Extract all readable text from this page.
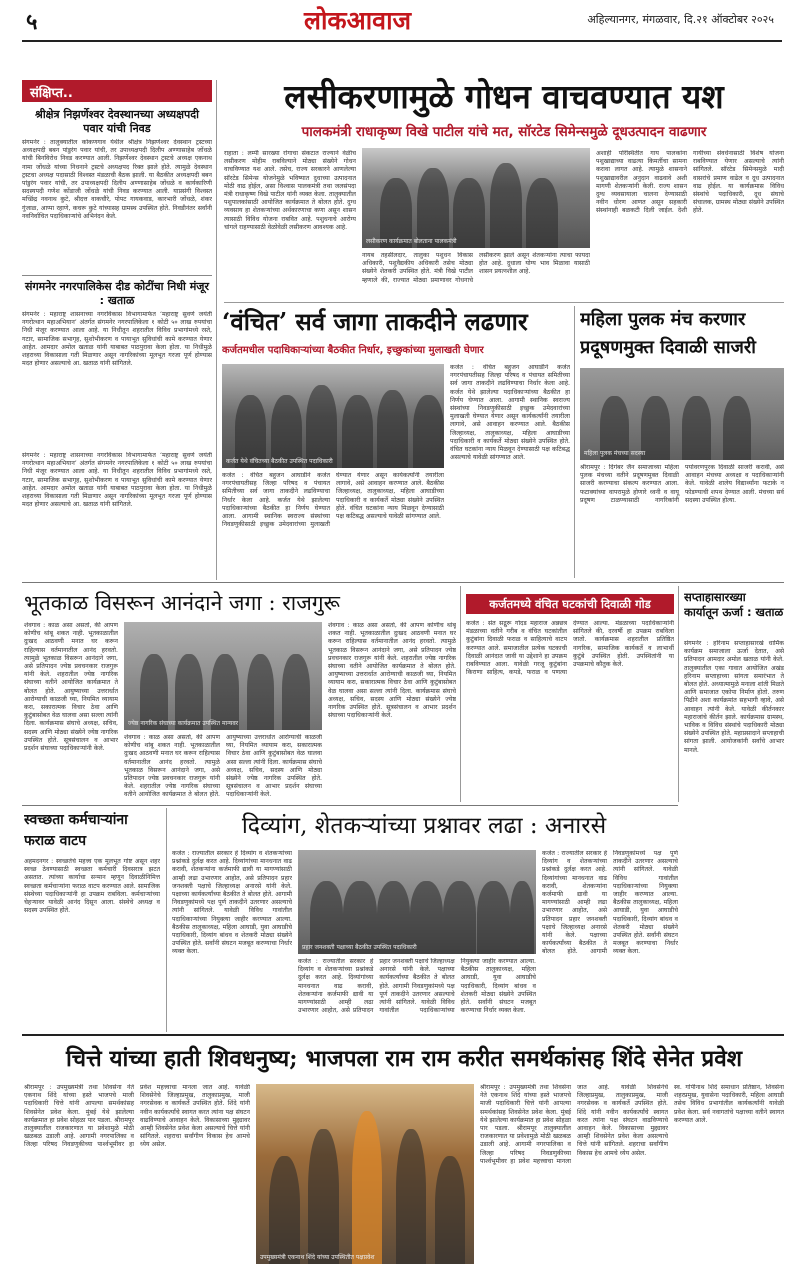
५	लोकआवाज	अहिल्यानगर, मंगळवार, दि.२१ ऑक्टोबर २०२५
संक्षिप्त..
श्रीक्षेत्र निझर्णेश्वर देवस्थानच्या अध्यक्षपदी पवार यांची निवड
संगमनेर : तालुक्यातील कोकणगाव येथील श्रीक्षेत्र निझर्णेश्वर देवस्थान ट्रस्टच्या अध्यक्षपदी बबन पांडुरंग पवार यांची, तर उपाध्यक्षपदी दिलीप अण्णासाहेब जोंधळे यांची बिनविरोध निवड करण्यात आली. निझर्णेश्वर देवस्थान ट्रस्टचे अध्यक्ष एकनाथ नामा जोंधळे यांच्या निधनाने ट्रस्टचे अध्यक्षपद रिक्त झाले होते. त्यामुळे देवस्थान ट्रस्टचा अध्यक्ष पदासाठी विश्वस्त मंडळाची बैठक झाली. या बैठकीत अध्यक्षपदी बबन पांडुरंग पवार यांची, तर उपाध्यक्षपदी दिलीप अण्णासाहेब जोंधळे व कार्यकारिणी सदस्यपदी गणेश कोंडाजी जोंधळे यांची निवड करण्यात आली. याप्रसंगी विश्वस्त मच्छिंद्र नवनाथ कुटे, श्रीदत्त वाकचौरे, पोपट गायकवाड, कारभारी जोंधळे, शंकर गुंजाळ, आप्पा रहाणे, कचरू कुटे यांच्यासह ग्रामस्थ उपस्थित होते. निवडीनंतर सर्वांनी नवनिर्वाचित पदाधिकाऱ्यांचे अभिनंदन केले.
संगमनेर नगरपालिकेस दीड कोटींचा निधी मंजूर : खताळ
संगमनेर : महाराष्ट्र शासनाच्या नगरविकास विभागामार्फत ‘महाराष्ट्र सुवर्ण जयंती नगरोत्थान महाअभियान’ अंतर्गत संगमनेर नगरपालिकेला १ कोटी ५० लाख रुपयांचा निधी मंजूर करण्यात आला आहे. या निधीतून शहरातील विविध प्रभागांमध्ये रस्ते, गटार, सामाजिक सभागृह, सुशोभीकरण व पायाभूत सुविधांची कामे करण्यात येणार आहेत. आमदार अमोल खताळ यांनी याबाबत पाठपुरावा केला होता. या निधीमुळे शहराच्या विकासाला गती मिळणार असून नागरिकांच्या मूलभूत गरजा पूर्ण होण्यास मदत होणार असल्याचे आ. खताळ यांनी सांगितले.
संगमनेर : महाराष्ट्र शासनाच्या नगरविकास विभागामार्फत ‘महाराष्ट्र सुवर्ण जयंती नगरोत्थान महाअभियान’ अंतर्गत संगमनेर नगरपालिकेला १ कोटी ५० लाख रुपयांचा निधी मंजूर करण्यात आला आहे. या निधीतून शहरातील विविध प्रभागांमध्ये रस्ते, गटार, सामाजिक सभागृह, सुशोभीकरण व पायाभूत सुविधांची कामे करण्यात येणार आहेत. आमदार अमोल खताळ यांनी याबाबत पाठपुरावा केला होता. या निधीमुळे शहराच्या विकासाला गती मिळणार असून नागरिकांच्या मूलभूत गरजा पूर्ण होण्यास मदत होणार असल्याचे आ. खताळ यांनी सांगितले.
लसीकरणामुळे गोधन वाचवण्यात यश
पालकमंत्री राधाकृष्ण विखे पाटील यांचे मत, सॉरटेड सिमेन्समुळे दूधउत्पादन वाढणार
राहाता : लम्पी सारख्या रोगाचा संकटात राज्याने वेळीच लसीकरण मोहीम राबविल्याने मोठ्या संख्येने गोधन वाचविण्यात यश आले. तसेच, राज्य सरकारने आणलेल्या सॉरटेड सिमेन्स योजनेमुळे भविष्यात दुधाच्या उत्पादनात मोठी वाढ होईल, असा विश्वास पालकमंत्री तथा जलसंपदा मंत्री राधाकृष्ण विखे पाटील यांनी व्यक्त केला. तालुक्यातील पशुपालकांसाठी आयोजित कार्यक्रमात ते बोलत होते. दुग्ध व्यवसाय हा शेतकऱ्यांच्या अर्थकारणाचा कणा असून शासन त्यासाठी विविध योजना राबवित आहे. पशुधनाचे आरोग्य चांगले राहण्यासाठी वेळोवेळी लसीकरण आवश्यक आहे.
लसीकरण कार्यक्रमात बोलताना पालकमंत्री
नायब तहसीलदार, तालुका पशुधन विकास अधिकारी, पशुवैद्यकीय अधिकारी तसेच मोठ्या संख्येने शेतकरी उपस्थित होते. मंत्री विखे पाटील म्हणाले की, राज्यात मोठ्या प्रमाणावर गोधनाचे लसीकरण झाले असून शेतकऱ्यांना त्याचा फायदा होत आहे. दुधाला योग्य भाव मिळावा यासाठी शासन प्रयत्नशील आहे.
अशाही परिस्थितीत गाय पालकांना पशुखाद्याच्या वाढत्या किमतींचा सामना करावा लागत आहे. त्यामुळे शासनाने पशुखाद्यावरील अनुदान वाढवावे अशी मागणी शेतकऱ्यांनी केली. राज्य शासन दुग्ध व्यवसायाला चालना देण्यासाठी नवीन धोरण आणत असून सहकारी संस्थांनाही बळकटी दिली जाईल. देशी गायींच्या संवर्धनासाठी विशेष योजना राबविण्यात येणार असल्याचे त्यांनी सांगितले. सॉरटेड सिमेन्समुळे मादी वासरांचे प्रमाण वाढेल व दूध उत्पादनात वाढ होईल. या कार्यक्रमास विविध संस्थांचे पदाधिकारी, दूध संघाचे संचालक, ग्रामस्थ मोठ्या संख्येने उपस्थित होते.
‘वंचित’ सर्व जागा ताकदीने लढणार
कर्जतमधील पदाधिकाऱ्यांच्या बैठकीत निर्धार, इच्छुकांच्या मुलाखती घेणार
कर्जत येथे वंचितच्या बैठकीत उपस्थित पदाधिकारी
कर्जत : वंचित बहुजन आघाडीने कर्जत नगरपंचायतीसह जिल्हा परिषद व पंचायत समितीच्या सर्व जागा ताकदीने लढविण्याचा निर्धार केला आहे. कर्जत येथे झालेल्या पदाधिकाऱ्यांच्या बैठकीत हा निर्णय घेण्यात आला. आगामी स्थानिक स्वराज्य संस्थांच्या निवडणुकीसाठी इच्छुक उमेदवारांच्या मुलाखती घेण्यात येणार असून कार्यकर्त्यांनी तयारीला लागावे, असे आवाहन करण्यात आले. बैठकीस जिल्हाध्यक्ष, तालुकाध्यक्ष, महिला आघाडीच्या पदाधिकारी व कार्यकर्ते मोठ्या संख्येने उपस्थित होते. वंचित घटकांना न्याय मिळवून देण्यासाठी पक्ष कटिबद्ध असल्याचे यावेळी सांगण्यात आले.
कर्जत : वंचित बहुजन आघाडीने कर्जत नगरपंचायतीसह जिल्हा परिषद व पंचायत समितीच्या सर्व जागा ताकदीने लढविण्याचा निर्धार केला आहे. कर्जत येथे झालेल्या पदाधिकाऱ्यांच्या बैठकीत हा निर्णय घेण्यात आला. आगामी स्थानिक स्वराज्य संस्थांच्या निवडणुकीसाठी इच्छुक उमेदवारांच्या मुलाखती घेण्यात येणार असून कार्यकर्त्यांनी तयारीला लागावे, असे आवाहन करण्यात आले. बैठकीस जिल्हाध्यक्ष, तालुकाध्यक्ष, महिला आघाडीच्या पदाधिकारी व कार्यकर्ते मोठ्या संख्येने उपस्थित होते. वंचित घटकांना न्याय मिळवून देण्यासाठी पक्ष कटिबद्ध असल्याचे यावेळी सांगण्यात आले.
महिला पुलक मंच करणार प्रदूषणमुक्त दिवाळी साजरी
महिला पुलक मंचच्या सदस्या
श्रीरामपूर : दिगंबर जैन समाजाच्या महिला पुलक मंचच्या वतीने प्रदूषणमुक्त दिवाळी साजरी करण्याचा संकल्प करण्यात आला. फटाक्यांच्या वापरामुळे होणारे ध्वनी व वायू प्रदूषण टाळण्यासाठी नागरिकांनी पर्यावरणपूरक दिवाळी साजरी करावी, असे आवाहन मंचच्या अध्यक्षा व पदाधिकाऱ्यांनी केले. यावेळी शालेय विद्यार्थ्यांना फटाके न फोडण्याची शपथ देण्यात आली. मंचच्या सर्व सदस्या उपस्थित होत्या.
भूतकाळ विसरून आनंदाने जगा : राजगुरू
शेवगाव : काळ असा असतो, की आपण कोणीच थांबू शकत नाही. भूतकाळातील दुःखद आठवणी मनात घर करून राहिल्यास वर्तमानातील आनंद हरवतो. त्यामुळे भूतकाळ विसरून आनंदाने जगा, असे प्रतिपादन ज्येष्ठ प्रवचनकार राजगुरू यांनी केले. शहरातील ज्येष्ठ नागरिक संघाच्या वतीने आयोजित कार्यक्रमात ते बोलत होते. आयुष्याच्या उत्तरार्धात आरोग्याची काळजी घ्या, नियमित व्यायाम करा, सकारात्मक विचार ठेवा आणि कुटुंबासोबत वेळ घालवा असा सल्ला त्यांनी दिला. कार्यक्रमास संघाचे अध्यक्ष, सचिव, सदस्य आणि मोठ्या संख्येने ज्येष्ठ नागरिक उपस्थित होते. सूत्रसंचालन व आभार प्रदर्शन संघाच्या पदाधिकाऱ्यांनी केले.
ज्येष्ठ नागरिक संघाच्या कार्यक्रमात उपस्थित मान्यवर
शेवगाव : काळ असा असतो, की आपण कोणीच थांबू शकत नाही. भूतकाळातील दुःखद आठवणी मनात घर करून राहिल्यास वर्तमानातील आनंद हरवतो. त्यामुळे भूतकाळ विसरून आनंदाने जगा, असे प्रतिपादन ज्येष्ठ प्रवचनकार राजगुरू यांनी केले. शहरातील ज्येष्ठ नागरिक संघाच्या वतीने आयोजित कार्यक्रमात ते बोलत होते. आयुष्याच्या उत्तरार्धात आरोग्याची काळजी घ्या, नियमित व्यायाम करा, सकारात्मक विचार ठेवा आणि कुटुंबासोबत वेळ घालवा असा सल्ला त्यांनी दिला. कार्यक्रमास संघाचे अध्यक्ष, सचिव, सदस्य आणि मोठ्या संख्येने ज्येष्ठ नागरिक उपस्थित होते. सूत्रसंचालन व आभार प्रदर्शन संघाच्या पदाधिकाऱ्यांनी केले.
शेवगाव : काळ असा असतो, की आपण कोणीच थांबू शकत नाही. भूतकाळातील दुःखद आठवणी मनात घर करून राहिल्यास वर्तमानातील आनंद हरवतो. त्यामुळे भूतकाळ विसरून आनंदाने जगा, असे प्रतिपादन ज्येष्ठ प्रवचनकार राजगुरू यांनी केले. शहरातील ज्येष्ठ नागरिक संघाच्या वतीने आयोजित कार्यक्रमात ते बोलत होते. आयुष्याच्या उत्तरार्धात आरोग्याची काळजी घ्या, नियमित व्यायाम करा, सकारात्मक विचार ठेवा आणि कुटुंबासोबत वेळ घालवा असा सल्ला त्यांनी दिला. कार्यक्रमास संघाचे अध्यक्ष, सचिव, सदस्य आणि मोठ्या संख्येने ज्येष्ठ नागरिक उपस्थित होते. सूत्रसंचालन व आभार प्रदर्शन संघाच्या पदाधिकाऱ्यांनी केले.
कर्जतमध्ये वंचित घटकांची दिवाळी गोड
कर्जत : संत सद्गुरू गोदड महाराज अन्नछत्र मंडळाच्या वतीने गरीब व वंचित घटकांतील कुटुंबांना दिवाळी फराळ व साहित्याचे वाटप करण्यात आले. समाजातील प्रत्येक घटकाची दिवाळी आनंदात जावी या उद्देशाने हा उपक्रम राबविण्यात आला. यावेळी गरजू कुटुंबांना किराणा साहित्य, कपडे, फराळ व पणत्या देण्यात आल्या. मंडळाच्या पदाधिकाऱ्यांनी सांगितले की, दरवर्षी हा उपक्रम राबविला जातो. कार्यक्रमास शहरातील प्रतिष्ठित नागरिक, सामाजिक कार्यकर्ते व लाभार्थी कुटुंबे उपस्थित होती. उपस्थितांनी या उपक्रमाचे कौतुक केले.
सप्ताहासारख्या कार्यातून ऊर्जा : खताळ
संगमनेर : हरिनाम सप्ताहासारखे धार्मिक कार्यक्रम समाजाला ऊर्जा देतात, असे प्रतिपादन आमदार अमोल खताळ यांनी केले. तालुक्यातील एका गावात आयोजित अखंड हरिनाम सप्ताहाच्या सांगता समारंभात ते बोलत होते. अध्यात्मामुळे मनाला शांती मिळते आणि समाजात एकोपा निर्माण होतो. तरुण पिढीने अशा कार्यक्रमांत सहभागी व्हावे, असे आवाहन त्यांनी केले. यावेळी कीर्तनकार महाराजांचे कीर्तन झाले. कार्यक्रमास ग्रामस्थ, भाविक व विविध संस्थांचे पदाधिकारी मोठ्या संख्येने उपस्थित होते. महाप्रसादाने सप्ताहाची सांगता झाली. आयोजकांनी सर्वांचे आभार मानले.
स्वच्छता कर्मचाऱ्यांना फराळ वाटप
अहमदनगर : स्वच्छतेचे महत्त्व एक मूलभूत गोष्ट असून शहर स्वच्छ ठेवण्यासाठी स्वच्छता कर्मचारी दिवसरात्र झटत असतात. त्यांच्या कार्याचा सन्मान म्हणून दिवाळीनिमित्त स्वच्छता कर्मचाऱ्यांना फराळ वाटप करण्यात आले. सामाजिक संस्थेच्या पदाधिकाऱ्यांनी हा उपक्रम राबविला. कर्मचाऱ्यांच्या चेहऱ्यावर यावेळी आनंद दिसून आला. संस्थेचे अध्यक्ष व सदस्य उपस्थित होते.
दिव्यांग, शेतकऱ्यांच्या प्रश्नावर लढा : अनारसे
कर्जत : राज्यातील सरकार हे दिव्यांग व शेतकऱ्यांच्या प्रश्नांकडे दुर्लक्ष करत आहे. दिव्यांगांच्या मानधनात वाढ करावी, शेतकऱ्यांना कर्जमाफी द्यावी या मागण्यांसाठी आम्ही लढा उभारणार आहोत, असे प्रतिपादन प्रहार जनशक्ती पक्षाचे जिल्हाध्यक्ष अनारसे यांनी केले. पक्षाच्या कार्यकर्त्यांच्या बैठकीत ते बोलत होते. आगामी निवडणुकांमध्ये पक्ष पूर्ण ताकदीने उतरणार असल्याचे त्यांनी सांगितले. यावेळी विविध गावांतील पदाधिकाऱ्यांच्या नियुक्त्या जाहीर करण्यात आल्या. बैठकीस तालुकाध्यक्ष, महिला आघाडी, युवा आघाडीचे पदाधिकारी, दिव्यांग बांधव व शेतकरी मोठ्या संख्येने उपस्थित होते. सर्वांनी संघटन मजबूत करण्याचा निर्धार व्यक्त केला.
प्रहार जनशक्ती पक्षाच्या बैठकीत उपस्थित पदाधिकारी
कर्जत : राज्यातील सरकार हे दिव्यांग व शेतकऱ्यांच्या प्रश्नांकडे दुर्लक्ष करत आहे. दिव्यांगांच्या मानधनात वाढ करावी, शेतकऱ्यांना कर्जमाफी द्यावी या मागण्यांसाठी आम्ही लढा उभारणार आहोत, असे प्रतिपादन प्रहार जनशक्ती पक्षाचे जिल्हाध्यक्ष अनारसे यांनी केले. पक्षाच्या कार्यकर्त्यांच्या बैठकीत ते बोलत होते. आगामी निवडणुकांमध्ये पक्ष पूर्ण ताकदीने उतरणार असल्याचे त्यांनी सांगितले. यावेळी विविध गावांतील पदाधिकाऱ्यांच्या नियुक्त्या जाहीर करण्यात आल्या. बैठकीस तालुकाध्यक्ष, महिला आघाडी, युवा आघाडीचे पदाधिकारी, दिव्यांग बांधव व शेतकरी मोठ्या संख्येने उपस्थित होते. सर्वांनी संघटन मजबूत करण्याचा निर्धार व्यक्त केला.
कर्जत : राज्यातील सरकार हे दिव्यांग व शेतकऱ्यांच्या प्रश्नांकडे दुर्लक्ष करत आहे. दिव्यांगांच्या मानधनात वाढ करावी, शेतकऱ्यांना कर्जमाफी द्यावी या मागण्यांसाठी आम्ही लढा उभारणार आहोत, असे प्रतिपादन प्रहार जनशक्ती पक्षाचे जिल्हाध्यक्ष अनारसे यांनी केले. पक्षाच्या कार्यकर्त्यांच्या बैठकीत ते बोलत होते. आगामी निवडणुकांमध्ये पक्ष पूर्ण ताकदीने उतरणार असल्याचे त्यांनी सांगितले. यावेळी विविध गावांतील पदाधिकाऱ्यांच्या नियुक्त्या जाहीर करण्यात आल्या. बैठकीस तालुकाध्यक्ष, महिला आघाडी, युवा आघाडीचे पदाधिकारी, दिव्यांग बांधव व शेतकरी मोठ्या संख्येने उपस्थित होते. सर्वांनी संघटन मजबूत करण्याचा निर्धार व्यक्त केला.
चित्ते यांच्या हाती शिवधनुष्य; भाजपला राम राम करीत समर्थकांसह शिंदे सेनेत प्रवेश
श्रीरामपूर : उपमुख्यमंत्री तथा शिवसेना नेते एकनाथ शिंदे यांच्या हस्ते भाजपचे माजी पदाधिकारी चित्ते यांनी आपल्या समर्थकांसह शिवसेनेत प्रवेश केला. मुंबई येथे झालेल्या कार्यक्रमात हा प्रवेश सोहळा पार पडला. श्रीरामपूर तालुक्यातील राजकारणात या प्रवेशामुळे मोठी खळबळ उडाली आहे. आगामी नगरपालिका व जिल्हा परिषद निवडणुकीच्या पार्श्वभूमीवर हा प्रवेश महत्त्वाचा मानला जात आहे. यावेळी शिवसेनेचे जिल्हाप्रमुख, तालुकाप्रमुख, माजी नगरसेवक व कार्यकर्ते उपस्थित होते. शिंदे यांनी नवीन कार्यकर्त्यांचे स्वागत करत त्यांना पक्ष संघटन वाढविण्याचे आवाहन केले. विकासाच्या मुद्द्यावर आम्ही शिवसेनेत प्रवेश केला असल्याचे चित्ते यांनी सांगितले. शहराचा सर्वांगीण विकास हेच आमचे ध्येय असेल.
उपमुख्यमंत्री एकनाथ शिंदे यांच्या उपस्थितीत पक्षप्रवेश
श्रीरामपूर : उपमुख्यमंत्री तथा शिवसेना नेते एकनाथ शिंदे यांच्या हस्ते भाजपचे माजी पदाधिकारी चित्ते यांनी आपल्या समर्थकांसह शिवसेनेत प्रवेश केला. मुंबई येथे झालेल्या कार्यक्रमात हा प्रवेश सोहळा पार पडला. श्रीरामपूर तालुक्यातील राजकारणात या प्रवेशामुळे मोठी खळबळ उडाली आहे. आगामी नगरपालिका व जिल्हा परिषद निवडणुकीच्या पार्श्वभूमीवर हा प्रवेश महत्त्वाचा मानला जात आहे. यावेळी शिवसेनेचे जिल्हाप्रमुख, तालुकाप्रमुख, माजी नगरसेवक व कार्यकर्ते उपस्थित होते. शिंदे यांनी नवीन कार्यकर्त्यांचे स्वागत करत त्यांना पक्ष संघटन वाढविण्याचे आवाहन केले. विकासाच्या मुद्द्यावर आम्ही शिवसेनेत प्रवेश केला असल्याचे चित्ते यांनी सांगितले. शहराचा सर्वांगीण विकास हेच आमचे ध्येय असेल.
स्व. गोपीनाथ शिंदे समाधान प्रतिष्ठान, शिवसेना शहरप्रमुख, युवासेना पदाधिकारी, महिला आघाडी तसेच विविध प्रभागांतील कार्यकर्त्यांनी यावेळी प्रवेश केला. सर्व नवागतांचे पक्षाच्या वतीने स्वागत करण्यात आले.
